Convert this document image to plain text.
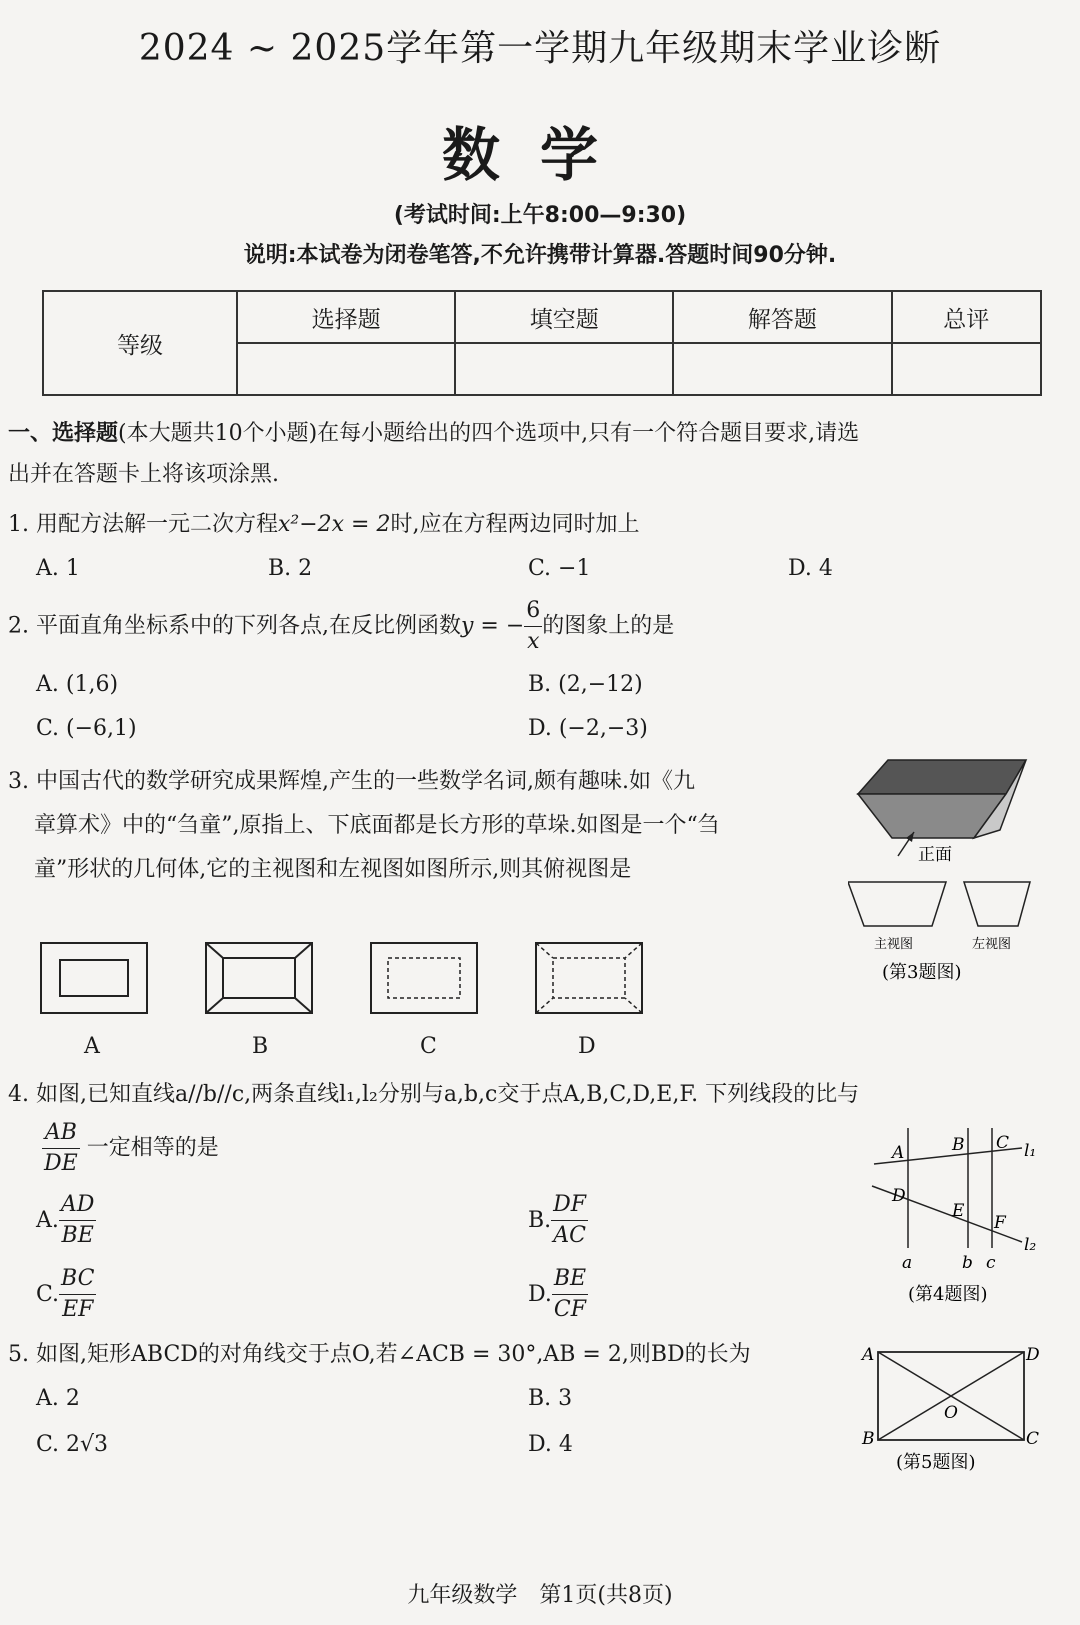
2024 ~ 2025学年第一学期九年级期末学业诊断
数学
(考试时间:上午8:00—9:30)
说明:本试卷为闭卷笔答,不允许携带计算器.答题时间90分钟.
等级	选择题	填空题	解答题	总评

一、选择题(本大题共10个小题)在每小题给出的四个选项中,只有一个符合题目要求,请选
出并在答题卡上将该项涂黑.
1. 用配方法解一元二次方程x²−2x = 2时,应在方程两边同时加上
A. 1	B. 2	C. −1	D. 4
2. 平面直角坐标系中的下列各点,在反比例函数y = − $\frac{6}{x}$ 的图象上的是
A. (1,6)	B. (2,−12)
C. (−6,1)	D. (−2,−3)
3. 中国古代的数学研究成果辉煌,产生的一些数学名词,颇有趣味.如《九
章算术》中的“刍童”,原指上、下底面都是长方形的草垛.如图是一个“刍
童”形状的几何体,它的主视图和左视图如图所示,则其俯视图是
正面
主视图	左视图
(第3题图)
A	B	C	D
4. 如图,已知直线a//b//c,两条直线l₁,l₂分别与a,b,c交于点A,B,C,D,E,F. 下列线段的比与
$\frac{AB}{DE}$ 一定相等的是
A. $\frac{AD}{BE}$	B. $\frac{DF}{AC}$
C. $\frac{BC}{EF}$	D. $\frac{BE}{CF}$
A	B C
D
E
F
l₁
l₂
a	b c
(第4题图)
5. 如图,矩形ABCD的对角线交于点O,若∠ACB = 30°,AB = 2,则BD的长为
A. 2	B. 3
C. 2√3	D. 4
A	D
B	C
O
(第5题图)
九年级数学　第1页(共8页)
